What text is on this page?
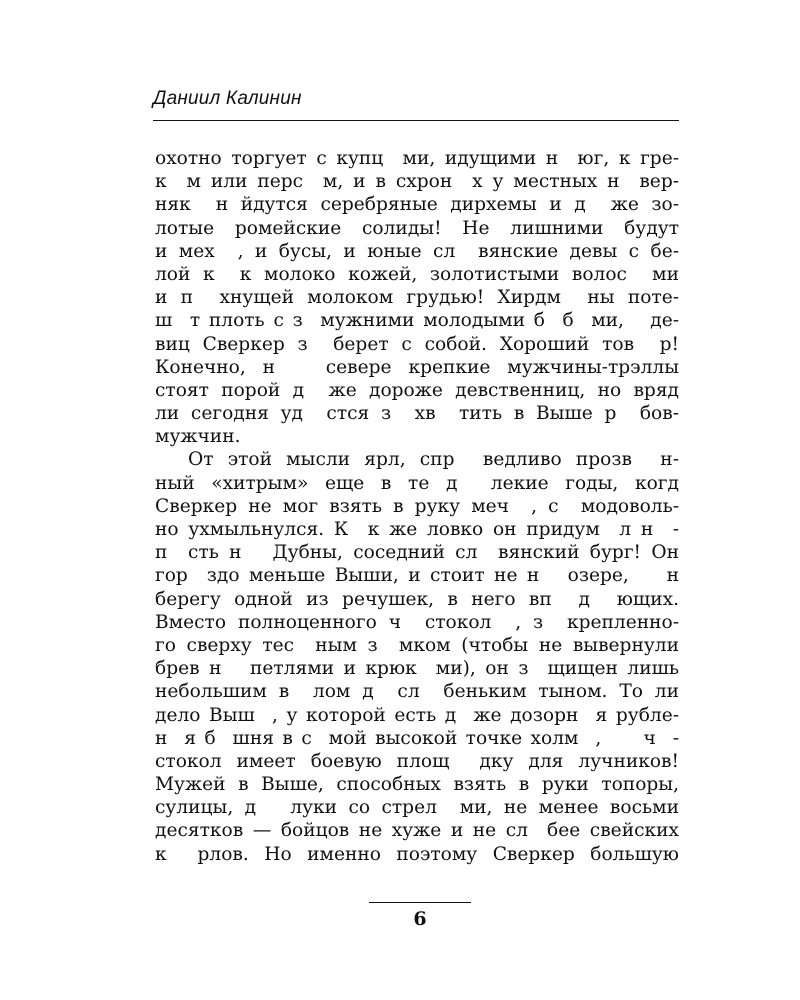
Даниил Калинин
охотно торгует с купц  ми, идущими н  юг, к гре-
к  м или перс  м, и в схрон  х у местных н  вер-
няк  н йдутся серебряные дирхемы и д  же зо-
лотые ромейские солиды! Не лишними будут
и мех  , и бусы, и юные сл  вянские девы с бе-
лой к  к молоко кожей, золотистыми волос  ми
и п  хнущей молоком грудью! Хирдм  ны поте-
ш  т плоть с з  мужними молодыми б  б  ми,   де-
виц Сверкер з  берет с собой. Хороший тов  р!
Конечно, н   севере крепкие мужчины-трэллы
стоят порой д  же дороже девственниц, но вряд
ли сегодня уд  стся з  хв  тить в Выше р  бов-
мужчин.
От этой мысли ярл, спр  ведливо прозв  н-
ный «хитрым» еще в те д  лекие годы, когд
Сверкер не мог взять в руку меч  , с  модоволь-
но ухмыльнулся. К  к же ловко он придум  л н  -
п  сть н   Дубны, соседний сл  вянский бург! Он
гор  здо меньше Выши, и стоит не н   озере,    н
берегу одной из речушек, в него вп  д  ющих.
Вместо полноценного ч  стокол  , з  крепленно-
го сверху тес  ным з  мком (чтобы не вывернули
брев н   петлями и крюк  ми), он з  щищен лишь
небольшим в  лом д  сл  беньким тыном. То ли
дело Выш  , у которой есть д  же дозорн  я рубле-
н  я б  шня в с  мой высокой точке холм  ,     ч  -
стокол имеет боевую площ  дку для лучников!
Мужей в Выше, способных взять в руки топоры,
сулицы, д   луки со стрел  ми, не менее восьми
десятков — бойцов не хуже и не сл  бее свейских
к  рлов. Но именно поэтому Сверкер большую
6
